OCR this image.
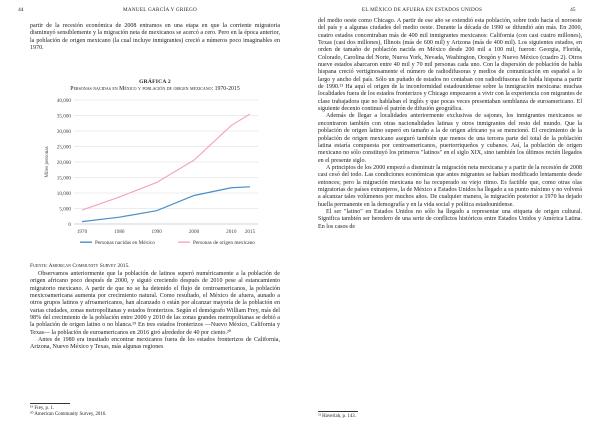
44	MANUEL GARCÍA Y GRIEGO

partir de la recesión económica de 2008 entramos en una etapa en que la corriente migratoria disminuyó sensiblemente y la migración neta de mexicanos se acercó a cero. Pero en la época anterior, la población de origen mexicano (la cual incluye inmigrantes) creció a números poco imaginables en 1970.

GRÁFICA 2
Personas nacidas en México y población de origen mexicano: 1970-2015
0
5,000
10,000
15,000
20,000
25,000
30,000
35,000
40,000
1970	1980	1990	2000	2010 2015
Miles personas
Personas nacidas en México	Personas de origen mexicano
Fuente: American Community Survey 2015.

Observamos anteriormente que la población de latinos superó numéricamente a la población de origen africano poco después de 2000, y siguió creciendo después de 2010 pese al estancamiento migratorio mexicano. A partir de que no se ha detenido el flujo de centroamericanos, la población mexicoamericana aumenta por crecimiento natural. Como resultado, el México de afuera, aunado a otros grupos latinos y afroamericanos, han alcanzado o están por alcanzar mayoría de la población en varias ciudades, zonas metropolitanas y estados fronterizos. Según el demógrafo William Frey, más del 98% del crecimiento de la población entre 2000 y 2010 de las zonas grandes metropolitanas se debió a la población de origen latino o no blanca.¹⁹ En tres estados fronterizos —Nuevo México, California y Texas— la población de euroamericanos en 2016 giró alrededor de 40 por ciento.²⁰

Antes de 1980 era inusitado encontrar mexicanos fuera de los estados fronterizos de California, Arizona, Nuevo México y Texas, más algunas regiones

¹⁹ Frey, p. 1.
²⁰ American Community Survey, 2016.
EL MÉXICO DE AFUERA EN ESTADOS UNIDOS	45

del medio oeste como Chicago. A partir de ese año se extendió esta población, sobre todo hacia el noroeste del país y a algunas ciudades del medio oeste. Durante la década de 1990 se difundió aún más. En 2000, cuatro estados concentraban más de 400 mil inmigrantes mexicanos: California (con casi cuatro millones), Texas (casi dos millones), Illinois (más de 600 mil) y Arizona (más de 400 mil). Los siguientes estados, en orden de tamaño de población nacida en México desde 200 mil a 100 mil, fueron: Georgia, Florida, Colorado, Carolina del Norte, Nueva York, Nevada, Washington, Oregón y Nuevo México (cuadro 2). Otros nueve estados abarcaron entre 40 mil y 70 mil personas cada uno. Con la dispersión de población de habla hispana creció vertiginosamente el número de radiodifusoras y medios de comunicación en español a lo largo y ancho del país. Sólo un puñado de estados no contaban con radiodifusoras de habla hispana a partir de 1990.²¹ Ha aquí el origen de la inconformidad estadounidense sobre la inmigración mexicana: muchas localidades fuera de los estados fronterizos y Chicago empezaron a vivir con la experiencia con migrantes de clase trabajadora que no hablaban el inglés y que pocas veces presentaban semblanza de euroamericano. El siguiente decenio continuó el patrón de difusión geográfica.

Además de llegar a localidades anteriormente exclusivas de sajones, los inmigrantes mexicanos se encontraron también con otras nacionalidades latinas y otros inmigrantes del resto del mundo. Que la población de origen latino superó en tamaño a la de origen africano ya se mencionó. El crecimiento de la población de origen mexicano aseguró también que menos de una tercera parte del total de la población latina estaría compuesta por centroamericanos, puertorriqueños y cubanos. Así, la población de origen mexicano no sólo constituyó los primeros "latinos" en el siglo XIX, sino también los últimos recién llegados en el presente siglo.

A principios de los 2000 empezó a disminuir la migración neta mexicana y a partir de la recesión de 2008 casi cesó del todo. Las condiciones económicas que antes migrantes se habían modificado lentamente desde entonces; pero la migración mexicana no ha recuperado su viejo ritmo. Es factible que, como otras olas migratorias de países extranjeros, la de México a Estados Unidos ha llegado a su punto máximo y no volverá a alcanzar tales volúmenes por muchos años. De cualquier manera, la migración posterior a 1970 ha dejado huella permanente en la demografía y en la vida social y política estadounidense.

El ser "latino" en Estados Unidos no sólo ha llegado a representar una etiqueta de origen cultural. Significa también ser heredero de una serie de conflictos históricos entre Estados Unidos y América Latina. En los casos de

²¹ Haverlah, p. 143.
